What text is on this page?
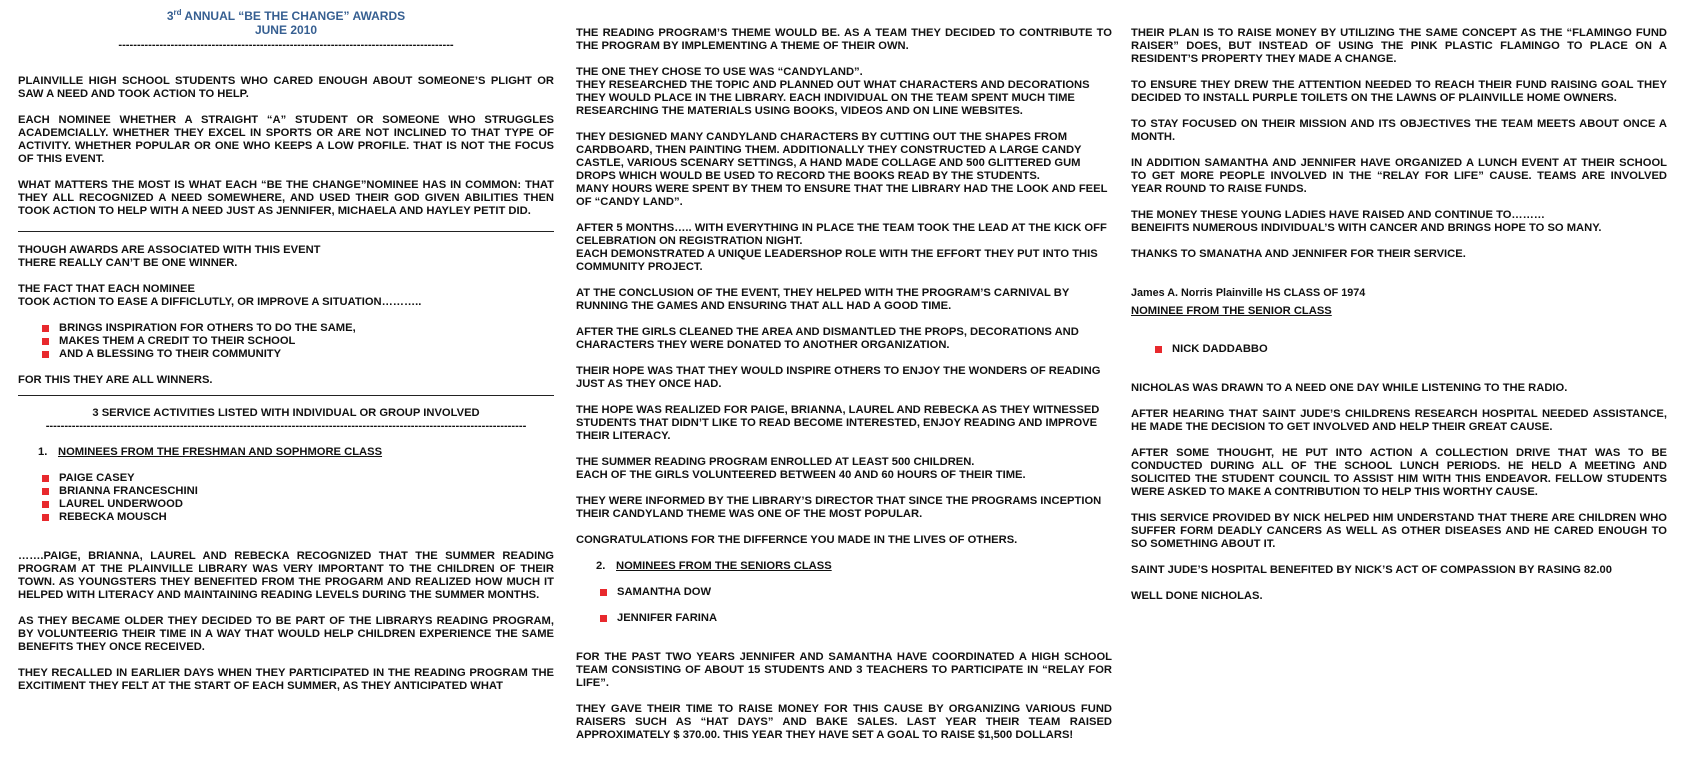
3rd ANNUAL “BE THE CHANGE” AWARDS

JUNE 2010

------------------------------------------------------------------------------------------

PLAINVILLE HIGH SCHOOL STUDENTS WHO CARED ENOUGH ABOUT SOMEONE’S PLIGHT OR SAW A NEED AND TOOK ACTION TO HELP.

EACH NOMINEE WHETHER A STRAIGHT “A” STUDENT OR SOMEONE WHO STRUGGLES ACADEMCIALLY. WHETHER THEY EXCEL IN SPORTS OR ARE NOT INCLINED TO THAT TYPE OF ACTIVITY. WHETHER POPULAR OR ONE WHO KEEPS A LOW PROFILE. THAT IS NOT THE FOCUS OF THIS EVENT.

WHAT MATTERS THE MOST IS WHAT EACH “BE THE CHANGE”NOMINEE HAS IN COMMON: THAT THEY ALL RECOGNIZED A NEED SOMEWHERE, AND USED THEIR GOD GIVEN ABILITIES THEN TOOK ACTION TO HELP WITH A NEED JUST AS JENNIFER, MICHAELA AND HAYLEY PETIT DID.

THOUGH AWARDS ARE ASSOCIATED WITH THIS EVENT
THERE REALLY CAN’T BE ONE WINNER.

THE FACT THAT EACH NOMINEE
TOOK ACTION TO EASE A DIFFICLUTLY, OR IMPROVE A SITUATION………..

BRINGS INSPIRATION FOR OTHERS TO DO THE SAME,
MAKES THEM A CREDIT TO THEIR SCHOOL
AND A BLESSING TO THEIR COMMUNITY

FOR THIS THEY ARE ALL WINNERS.

3 SERVICE ACTIVITIES LISTED WITH INDIVIDUAL OR GROUP INVOLVED

---------------------------------------------------------------------------------------------------------------------------------

1. NOMINEES FROM THE FRESHMAN AND SOPHMORE CLASS

PAIGE CASEY
BRIANNA FRANCESCHINI
LAUREL UNDERWOOD
REBECKA MOUSCH

…….PAIGE, BRIANNA, LAUREL AND REBECKA RECOGNIZED THAT THE SUMMER READING PROGRAM AT THE PLAINVILLE LIBRARY WAS VERY IMPORTANT TO THE CHILDREN OF THEIR TOWN. AS YOUNGSTERS THEY BENEFITED FROM THE PROGARM AND REALIZED HOW MUCH IT HELPED WITH LITERACY AND MAINTAINING READING LEVELS DURING THE SUMMER MONTHS.

AS THEY BECAME OLDER THEY DECIDED TO BE PART OF THE LIBRARYS READING PROGRAM, BY VOLUNTEERIG THEIR TIME IN A WAY THAT WOULD HELP CHILDREN EXPERIENCE THE SAME BENEFITS THEY ONCE RECEIVED.

THEY RECALLED IN EARLIER DAYS WHEN THEY PARTICIPATED IN THE READING PROGRAM THE EXCITIMENT THEY FELT AT THE START OF EACH SUMMER, AS THEY ANTICIPATED WHAT

THE READING PROGRAM’S THEME WOULD BE. AS A TEAM THEY DECIDED TO CONTRIBUTE TO THE PROGRAM BY IMPLEMENTING A THEME OF THEIR OWN.

THE ONE THEY CHOSE TO USE WAS “CANDYLAND”.
THEY RESEARCHED THE TOPIC AND PLANNED OUT WHAT CHARACTERS AND DECORATIONS THEY WOULD PLACE IN THE LIBRARY. EACH INDIVIDUAL ON THE TEAM SPENT MUCH TIME RESEARCHING THE MATERIALS USING BOOKS, VIDEOS AND ON LINE WEBSITES.

THEY DESIGNED MANY CANDYLAND CHARACTERS BY CUTTING OUT THE SHAPES FROM CARDBOARD, THEN PAINTING THEM. ADDITIONALLY THEY CONSTRUCTED A LARGE CANDY CASTLE, VARIOUS SCENARY SETTINGS, A HAND MADE COLLAGE AND 500 GLITTERED GUM DROPS WHICH WOULD BE USED TO RECORD THE BOOKS READ BY THE STUDENTS.
MANY HOURS WERE SPENT BY THEM TO ENSURE THAT THE LIBRARY HAD THE LOOK AND FEEL OF “CANDY LAND”.

AFTER 5 MONTHS….. WITH EVERYTHING IN PLACE THE TEAM TOOK THE LEAD AT THE KICK OFF CELEBRATION ON REGISTRATION NIGHT.
EACH DEMONSTRATED A UNIQUE LEADERSHOP ROLE WITH THE EFFORT THEY PUT INTO THIS COMMUNITY PROJECT.

AT THE CONCLUSION OF THE EVENT, THEY HELPED WITH THE PROGRAM’S CARNIVAL BY RUNNING THE GAMES AND ENSURING THAT ALL HAD A GOOD TIME.

AFTER THE GIRLS CLEANED THE AREA AND DISMANTLED THE PROPS, DECORATIONS AND CHARACTERS THEY WERE DONATED TO ANOTHER ORGANIZATION.

THEIR HOPE WAS THAT THEY WOULD INSPIRE OTHERS TO ENJOY THE WONDERS OF READING JUST AS THEY ONCE HAD.

THE HOPE WAS REALIZED FOR PAIGE, BRIANNA, LAUREL AND REBECKA AS THEY WITNESSED STUDENTS THAT DIDN’T LIKE TO READ BECOME INTERESTED, ENJOY READING AND IMPROVE THEIR LITERACY.

THE SUMMER READING PROGRAM ENROLLED AT LEAST 500 CHILDREN.
EACH OF THE GIRLS VOLUNTEERED BETWEEN 40 AND 60 HOURS OF THEIR TIME.

THEY WERE INFORMED BY THE LIBRARY’S DIRECTOR THAT SINCE THE PROGRAMS INCEPTION THEIR CANDYLAND THEME WAS ONE OF THE MOST POPULAR.

CONGRATULATIONS FOR THE DIFFERNCE YOU MADE IN THE LIVES OF OTHERS.

2. NOMINEES FROM THE SENIORS CLASS

SAMANTHA DOW
JENNIFER FARINA

FOR THE PAST TWO YEARS JENNIFER AND SAMANTHA HAVE COORDINATED A HIGH SCHOOL TEAM CONSISTING OF ABOUT 15 STUDENTS AND 3 TEACHERS TO PARTICIPATE IN “RELAY FOR LIFE”.

THEY GAVE THEIR TIME TO RAISE MONEY FOR THIS CAUSE BY ORGANIZING VARIOUS FUND RAISERS SUCH AS “HAT DAYS” AND BAKE SALES. LAST YEAR THEIR TEAM RAISED APPROXIMATELY $ 370.00. THIS YEAR THEY HAVE SET A GOAL TO RAISE $1,500 DOLLARS!

THEIR PLAN IS TO RAISE MONEY BY UTILIZING THE SAME CONCEPT AS THE “FLAMINGO FUND RAISER” DOES, BUT INSTEAD OF USING THE PINK PLASTIC FLAMINGO TO PLACE ON A RESIDENT’S PROPERTY THEY MADE A CHANGE.

TO ENSURE THEY DREW THE ATTENTION NEEDED TO REACH THEIR FUND RAISING GOAL THEY DECIDED TO INSTALL PURPLE TOILETS ON THE LAWNS OF PLAINVILLE HOME OWNERS.

TO STAY FOCUSED ON THEIR MISSION AND ITS OBJECTIVES THE TEAM MEETS ABOUT ONCE A MONTH.

IN ADDITION SAMANTHA AND JENNIFER HAVE ORGANIZED A LUNCH EVENT AT THEIR SCHOOL TO GET MORE PEOPLE INVOLVED IN THE “RELAY FOR LIFE” CAUSE. TEAMS ARE INVOLVED YEAR ROUND TO RAISE FUNDS.

THE MONEY THESE YOUNG LADIES HAVE RAISED AND CONTINUE TO………
BENEIFITS NUMEROUS INDIVIDUAL’S WITH CANCER AND BRINGS HOPE TO SO MANY.

THANKS TO SMANATHA AND JENNIFER FOR THEIR SERVICE.

James A. Norris Plainville HS CLASS OF 1974

NOMINEE FROM THE SENIOR CLASS

NICK DADDABBO

NICHOLAS WAS DRAWN TO A NEED ONE DAY WHILE LISTENING TO THE RADIO.

AFTER HEARING THAT SAINT JUDE’S CHILDRENS RESEARCH HOSPITAL NEEDED ASSISTANCE, HE MADE THE DECISION TO GET INVOLVED AND HELP THEIR GREAT CAUSE.

AFTER SOME THOUGHT, HE PUT INTO ACTION A COLLECTION DRIVE THAT WAS TO BE CONDUCTED DURING ALL OF THE SCHOOL LUNCH PERIODS. HE HELD A MEETING AND SOLICITED THE STUDENT COUNCIL TO ASSIST HIM WITH THIS ENDEAVOR. FELLOW STUDENTS WERE ASKED TO MAKE A CONTRIBUTION TO HELP THIS WORTHY CAUSE.

THIS SERVICE PROVIDED BY NICK HELPED HIM UNDERSTAND THAT THERE ARE CHILDREN WHO SUFFER FORM DEADLY CANCERS AS WELL AS OTHER DISEASES AND HE CARED ENOUGH TO SO SOMETHING ABOUT IT.

SAINT JUDE’S HOSPITAL BENEFITED BY NICK’S ACT OF COMPASSION BY RASING 82.00

WELL DONE NICHOLAS.
